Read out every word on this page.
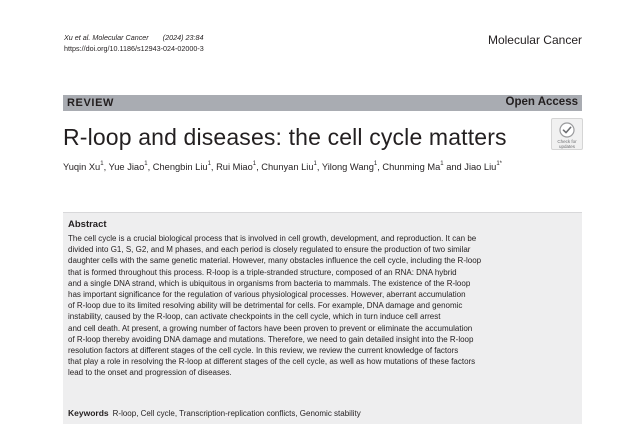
Xu et al. Molecular Cancer (2024) 23:84
https://doi.org/10.1186/s12943-024-02000-3
Molecular Cancer
REVIEW	Open Access
R-loop and diseases: the cell cycle matters	Check for
updates
Yuqin Xu$^1$, Yue Jiao$^1$, Chengbin Liu$^1$, Rui Miao$^1$, Chunyan Liu$^1$, Yilong Wang$^1$, Chunming Ma$^1$ and Jiao Liu$^{1*}$
Abstract
The cell cycle is a crucial biological process that is involved in cell growth, development, and reproduction. It can be
divided into G1, S, G2, and M phases, and each period is closely regulated to ensure the production of two similar
daughter cells with the same genetic material. However, many obstacles influence the cell cycle, including the R-loop
that is formed throughout this process. R-loop is a triple-stranded structure, composed of an RNA: DNA hybrid
and a single DNA strand, which is ubiquitous in organisms from bacteria to mammals. The existence of the R-loop
has important significance for the regulation of various physiological processes. However, aberrant accumulation
of R-loop due to its limited resolving ability will be detrimental for cells. For example, DNA damage and genomic
instability, caused by the R-loop, can activate checkpoints in the cell cycle, which in turn induce cell arrest
and cell death. At present, a growing number of factors have been proven to prevent or eliminate the accumulation
of R-loop thereby avoiding DNA damage and mutations. Therefore, we need to gain detailed insight into the R-loop
resolution factors at different stages of the cell cycle. In this review, we review the current knowledge of factors
that play a role in resolving the R-loop at different stages of the cell cycle, as well as how mutations of these factors
lead to the onset and progression of diseases.
Keywords R-loop, Cell cycle, Transcription-replication conflicts, Genomic stability
